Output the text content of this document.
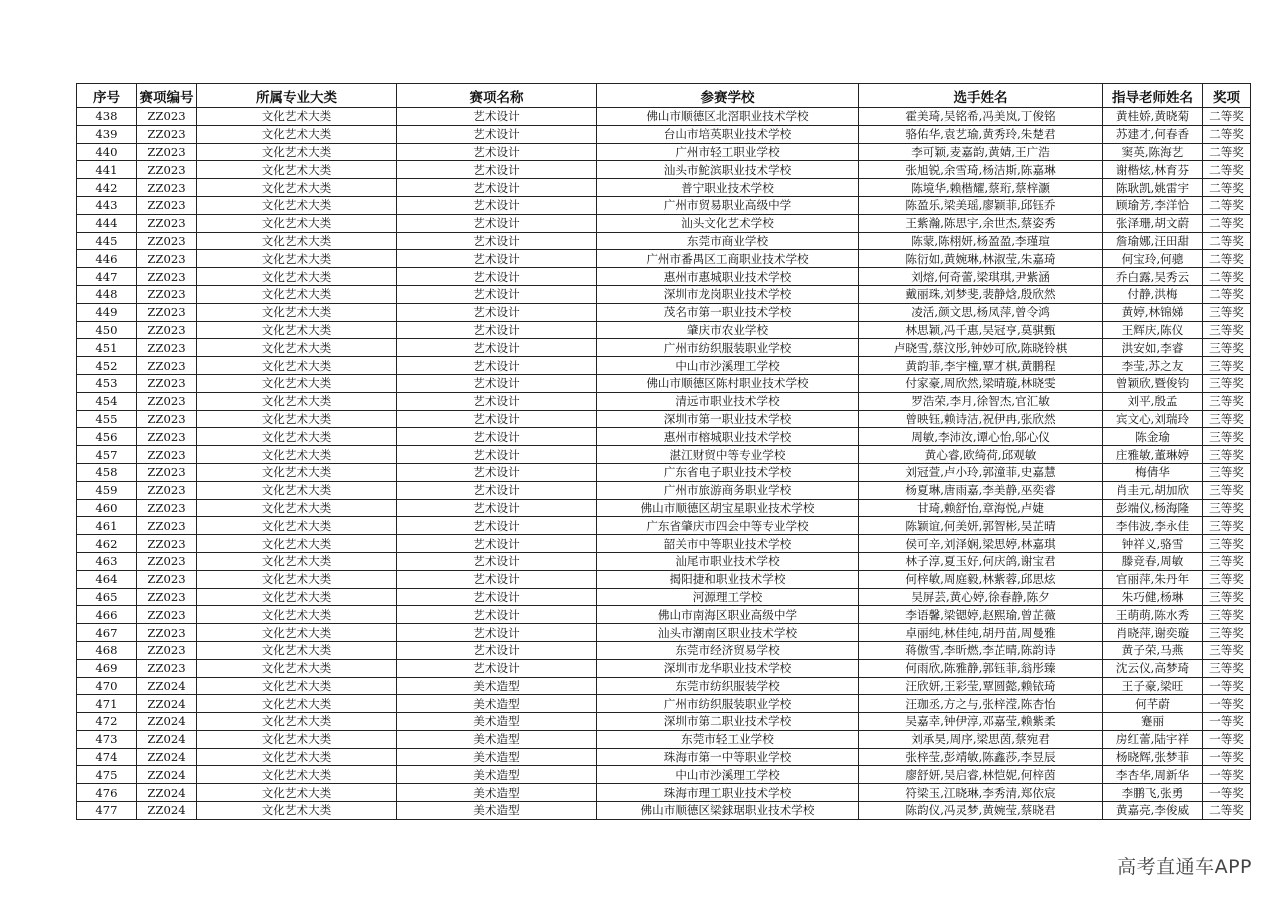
序号	赛项编号	所属专业大类	赛项名称	参赛学校	选手姓名	指导老师姓名	奖项
438	ZZ023	文化艺术大类	艺术设计	佛山市顺德区北滘职业技术学校	霍美琦,吴铭希,冯美岚,丁俊铭	黄桂娇,黄晓菊	二等奖
439	ZZ023	文化艺术大类	艺术设计	台山市培英职业技术学校	骆佑华,袁艺瑜,黄秀玲,朱楚君	苏建才,何春香	二等奖
440	ZZ023	文化艺术大类	艺术设计	广州市轻工职业学校	李可颖,麦嘉韵,黄婧,王广浩	窦英,陈海艺	二等奖
441	ZZ023	文化艺术大类	艺术设计	汕头市鮀滨职业技术学校	张旭锐,余雪琦,杨洁斯,陈嘉琳	谢楷炫,林育芬	二等奖
442	ZZ023	文化艺术大类	艺术设计	普宁职业技术学校	陈境华,赖楷耀,蔡珩,蔡梓灏	陈耿凯,姚雷宇	二等奖
443	ZZ023	文化艺术大类	艺术设计	广州市贸易职业高级中学	陈盈乐,梁美瑶,廖颖菲,邱钰乔	顾瑜芳,李洋恰	二等奖
444	ZZ023	文化艺术大类	艺术设计	汕头文化艺术学校	王紫瀚,陈思宇,余世杰,蔡姿秀	张泽珊,胡文蔚	二等奖
445	ZZ023	文化艺术大类	艺术设计	东莞市商业学校	陈蒙,陈栩妍,杨盈盈,李瑾瑄	詹瑜娜,汪田甜	二等奖
446	ZZ023	文化艺术大类	艺术设计	广州市番禺区工商职业技术学校	陈衍如,黄婉琳,林淑莹,朱嘉琦	何宝玲,何骢	二等奖
447	ZZ023	文化艺术大类	艺术设计	惠州市惠城职业技术学校	刘熔,何奇蕾,梁琪琪,尹紫涵	乔白露,吴秀云	二等奖
448	ZZ023	文化艺术大类	艺术设计	深圳市龙岗职业技术学校	戴丽珠,刘梦斐,裴静焓,殷欣然	付静,洪梅	二等奖
449	ZZ023	文化艺术大类	艺术设计	茂名市第一职业技术学校	凌活,颜文思,杨凤萍,曾令鸿	黄婷,林锦娣	三等奖
450	ZZ023	文化艺术大类	艺术设计	肇庆市农业学校	林思颖,冯千惠,吴冠亨,莫骐甄	王辉庆,陈仪	三等奖
451	ZZ023	文化艺术大类	艺术设计	广州市纺织服装职业学校	卢晓雪,蔡汶彤,钟妙可欣,陈晓铃棋	洪安如,李睿	三等奖
452	ZZ023	文化艺术大类	艺术设计	中山市沙溪理工学校	黄韵菲,李宇橦,覃才棋,黄鹏程	李莹,苏之友	三等奖
453	ZZ023	文化艺术大类	艺术设计	佛山市顺德区陈村职业技术学校	付家豪,周欣然,梁晴璇,林晓雯	曾颖欣,暨俊钧	三等奖
454	ZZ023	文化艺术大类	艺术设计	清远市职业技术学校	罗浩荣,李月,徐智杰,官汇敏	刘平,殷孟	三等奖
455	ZZ023	文化艺术大类	艺术设计	深圳市第一职业技术学校	曾映钰,赖诗洁,祝伊冉,张欣然	宾文心,刘瑞玲	三等奖
456	ZZ023	文化艺术大类	艺术设计	惠州市榕城职业技术学校	周敏,李沛汝,谭心怡,邬心仪	陈金瑜	三等奖
457	ZZ023	文化艺术大类	艺术设计	湛江财贸中等专业学校	黄心睿,欧绮荷,邱观敏	庄雅敏,董琳婷	三等奖
458	ZZ023	文化艺术大类	艺术设计	广东省电子职业技术学校	刘冠萱,卢小玲,郭潼菲,史嘉慧	梅倩华	三等奖
459	ZZ023	文化艺术大类	艺术设计	广州市旅游商务职业学校	杨夏琳,唐雨嘉,李美静,巫奕睿	肖圭元,胡加欣	三等奖
460	ZZ023	文化艺术大类	艺术设计	佛山市顺德区胡宝星职业技术学校	甘琦,赖舒怡,章海悦,卢婕	彭端仪,杨海隆	三等奖
461	ZZ023	文化艺术大类	艺术设计	广东省肇庆市四会中等专业学校	陈颖谊,何美妍,郭智彬,吴芷晴	李伟波,李永佳	三等奖
462	ZZ023	文化艺术大类	艺术设计	韶关市中等职业技术学校	侯可辛,刘泽娴,梁思婷,林嘉琪	钟祥义,骆雪	三等奖
463	ZZ023	文化艺术大类	艺术设计	汕尾市职业技术学校	林子淳,夏玉好,何庆鸽,谢宝君	滕竞春,周敏	三等奖
464	ZZ023	文化艺术大类	艺术设计	揭阳捷和职业技术学校	何梓敏,周庭毅,林紫蓉,邱思炫	官丽萍,朱丹年	三等奖
465	ZZ023	文化艺术大类	艺术设计	河源理工学校	吴屏芸,黄心婷,徐春静,陈夕	朱巧健,杨琳	三等奖
466	ZZ023	文化艺术大类	艺术设计	佛山市南海区职业高级中学	李语馨,梁锶婷,赵熙瑜,曾芷薇	王萌萌,陈水秀	三等奖
467	ZZ023	文化艺术大类	艺术设计	汕头市潮南区职业技术学校	卓丽纯,林佳纯,胡丹苗,周曼雅	肖晓萍,谢奕璇	三等奖
468	ZZ023	文化艺术大类	艺术设计	东莞市经济贸易学校	蒋傲雪,李昕燃,李芷晴,陈韵诗	黄子荣,马燕	三等奖
469	ZZ023	文化艺术大类	艺术设计	深圳市龙华职业技术学校	何雨欣,陈雅静,郭钰菲,翁彤臻	沈云仪,高梦琦	三等奖
470	ZZ024	文化艺术大类	美术造型	东莞市纺织服装学校	汪欣妍,王彩莹,覃圆懿,赖铱琦	王子豪,梁旺	一等奖
471	ZZ024	文化艺术大类	美术造型	广州市纺织服装职业学校	汪珈丞,方之与,张梓滢,陈杏怡	何芊蔚	一等奖
472	ZZ024	文化艺术大类	美术造型	深圳市第二职业技术学校	吴嘉幸,钟伊淳,邓嘉莹,赖紫柔	蹇丽	一等奖
473	ZZ024	文化艺术大类	美术造型	东莞市轻工业学校	刘承昊,周序,梁思茵,蔡宛君	房红蕾,陆宇祥	一等奖
474	ZZ024	文化艺术大类	美术造型	珠海市第一中等职业学校	张梓莹,彭靖敏,陈鑫莎,李昱辰	杨晓辉,张梦菲	一等奖
475	ZZ024	文化艺术大类	美术造型	中山市沙溪理工学校	廖舒妍,吴启睿,林恺妮,何梓茵	李杏华,周新华	一等奖
476	ZZ024	文化艺术大类	美术造型	珠海市理工职业技术学校	符梁玉,江晓琳,李秀清,郑依宸	李鹏飞,张勇	一等奖
477	ZZ024	文化艺术大类	美术造型	佛山市顺德区梁銶琚职业技术学校	陈韵仪,冯灵梦,黄婉莹,蔡晓君	黄嘉亮,李俊威	二等奖
高考直通车APP
